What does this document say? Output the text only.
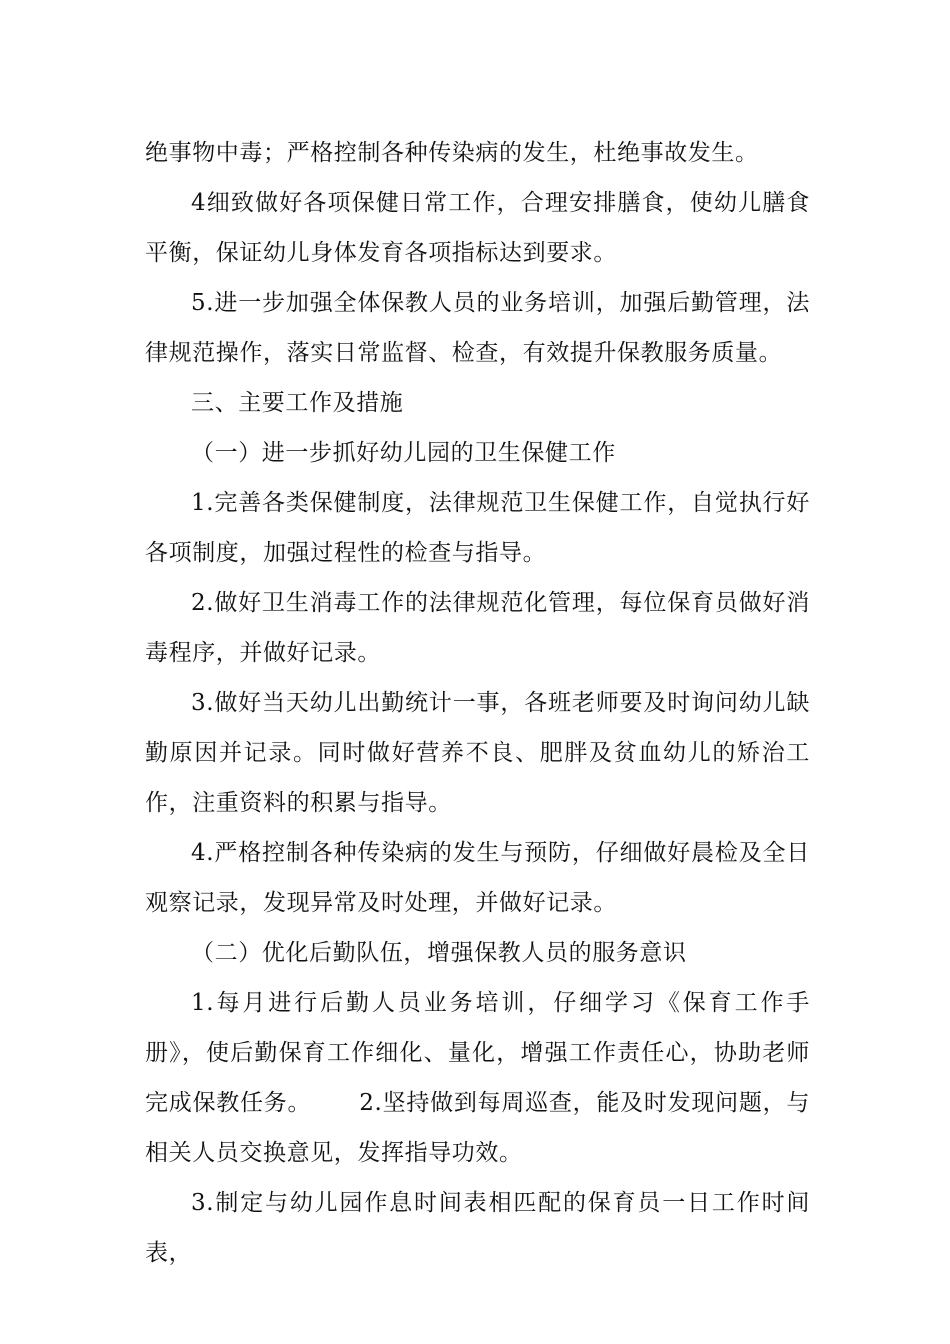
绝事物中毒；严格控制各种传染病的发生，杜绝事故发生。

4细致做好各项保健日常工作，合理安排膳食，使幼儿膳食平衡，保证幼儿身体发育各项指标达到要求。

5.进一步加强全体保教人员的业务培训，加强后勤管理，法律规范操作，落实日常监督、检查，有效提升保教服务质量。

三、主要工作及措施

（一）进一步抓好幼儿园的卫生保健工作

1.完善各类保健制度，法律规范卫生保健工作，自觉执行好各项制度，加强过程性的检查与指导。

2.做好卫生消毒工作的法律规范化管理，每位保育员做好消毒程序，并做好记录。

3.做好当天幼儿出勤统计一事，各班老师要及时询问幼儿缺勤原因并记录。同时做好营养不良、肥胖及贫血幼儿的矫治工作，注重资料的积累与指导。

4.严格控制各种传染病的发生与预防，仔细做好晨检及全日观察记录，发现异常及时处理，并做好记录。

（二）优化后勤队伍，增强保教人员的服务意识

1.每月进行后勤人员业务培训，仔细学习《保育工作手册》，使后勤保育工作细化、量化，增强工作责任心，协助老师完成保教任务。 2.坚持做到每周巡查，能及时发现问题，与相关人员交换意见，发挥指导功效。

3.制定与幼儿园作息时间表相匹配的保育员一日工作时间表，
